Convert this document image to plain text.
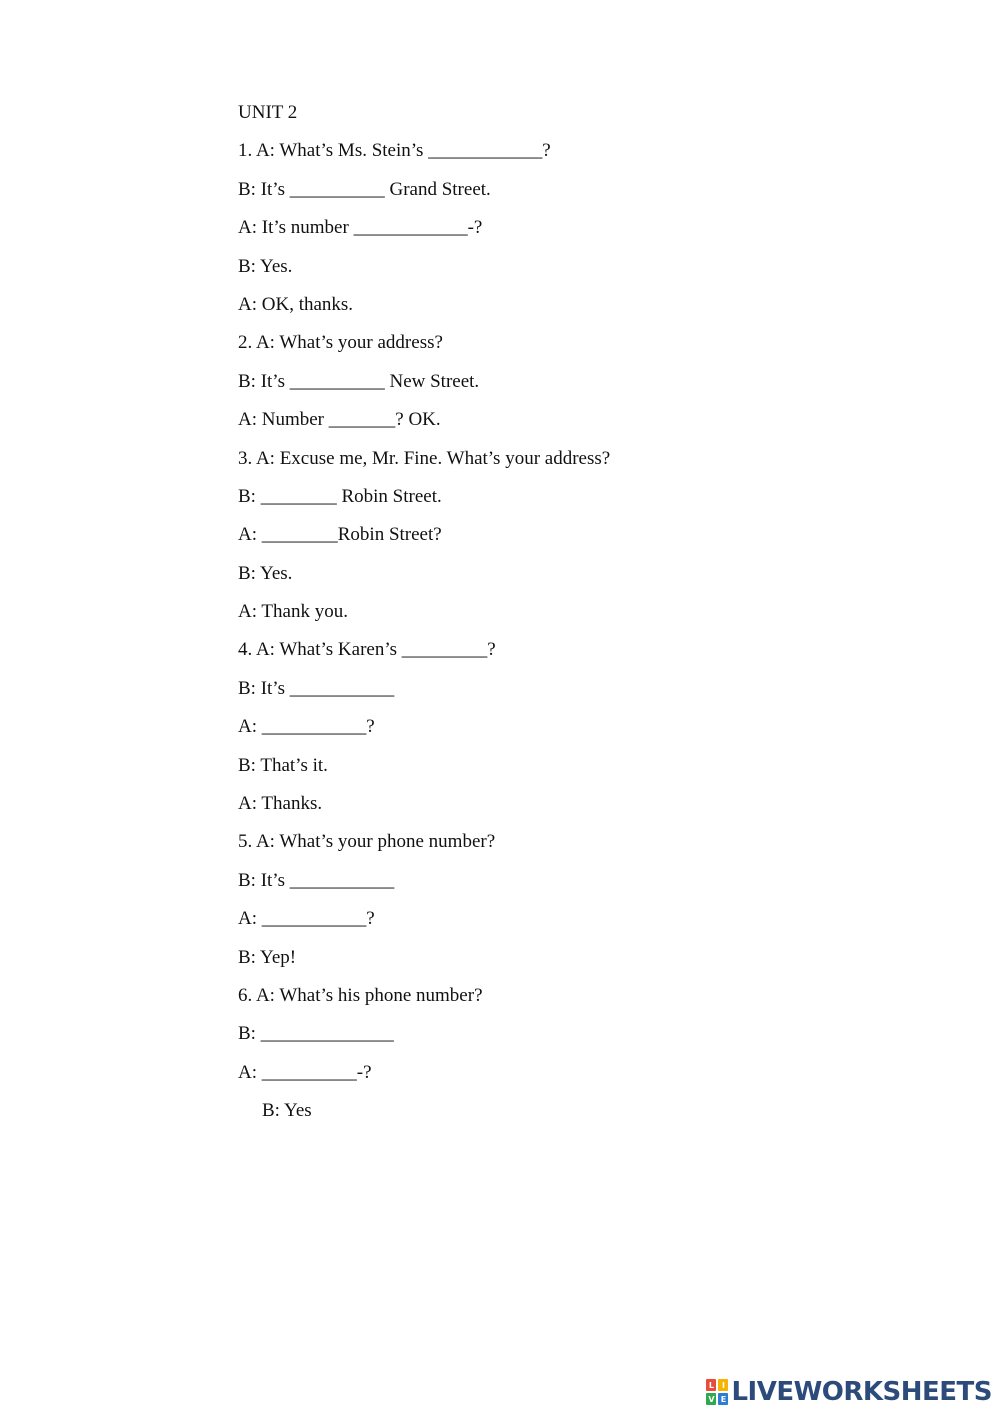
UNIT 2
1. A: What’s Ms. Stein’s ____________?
B: It’s __________ Grand Street.
A: It’s number ____________-?
B: Yes.
A: OK, thanks.
2. A: What’s your address?
B: It’s __________ New Street.
A: Number _______? OK.
3. A: Excuse me, Mr. Fine. What’s your address?
B: ________ Robin Street.
A: ________Robin Street?
B: Yes.
A: Thank you.
4. A: What’s Karen’s _________?
B: It’s ___________
A: ___________?
B: That’s it.
A: Thanks.
5. A: What’s your phone number?
B: It’s ___________
A: ___________?
B: Yep!
6. A: What’s his phone number?
B: ______________
A: __________-?
B: Yes
L I
V E LIVEWORKSHEETS
